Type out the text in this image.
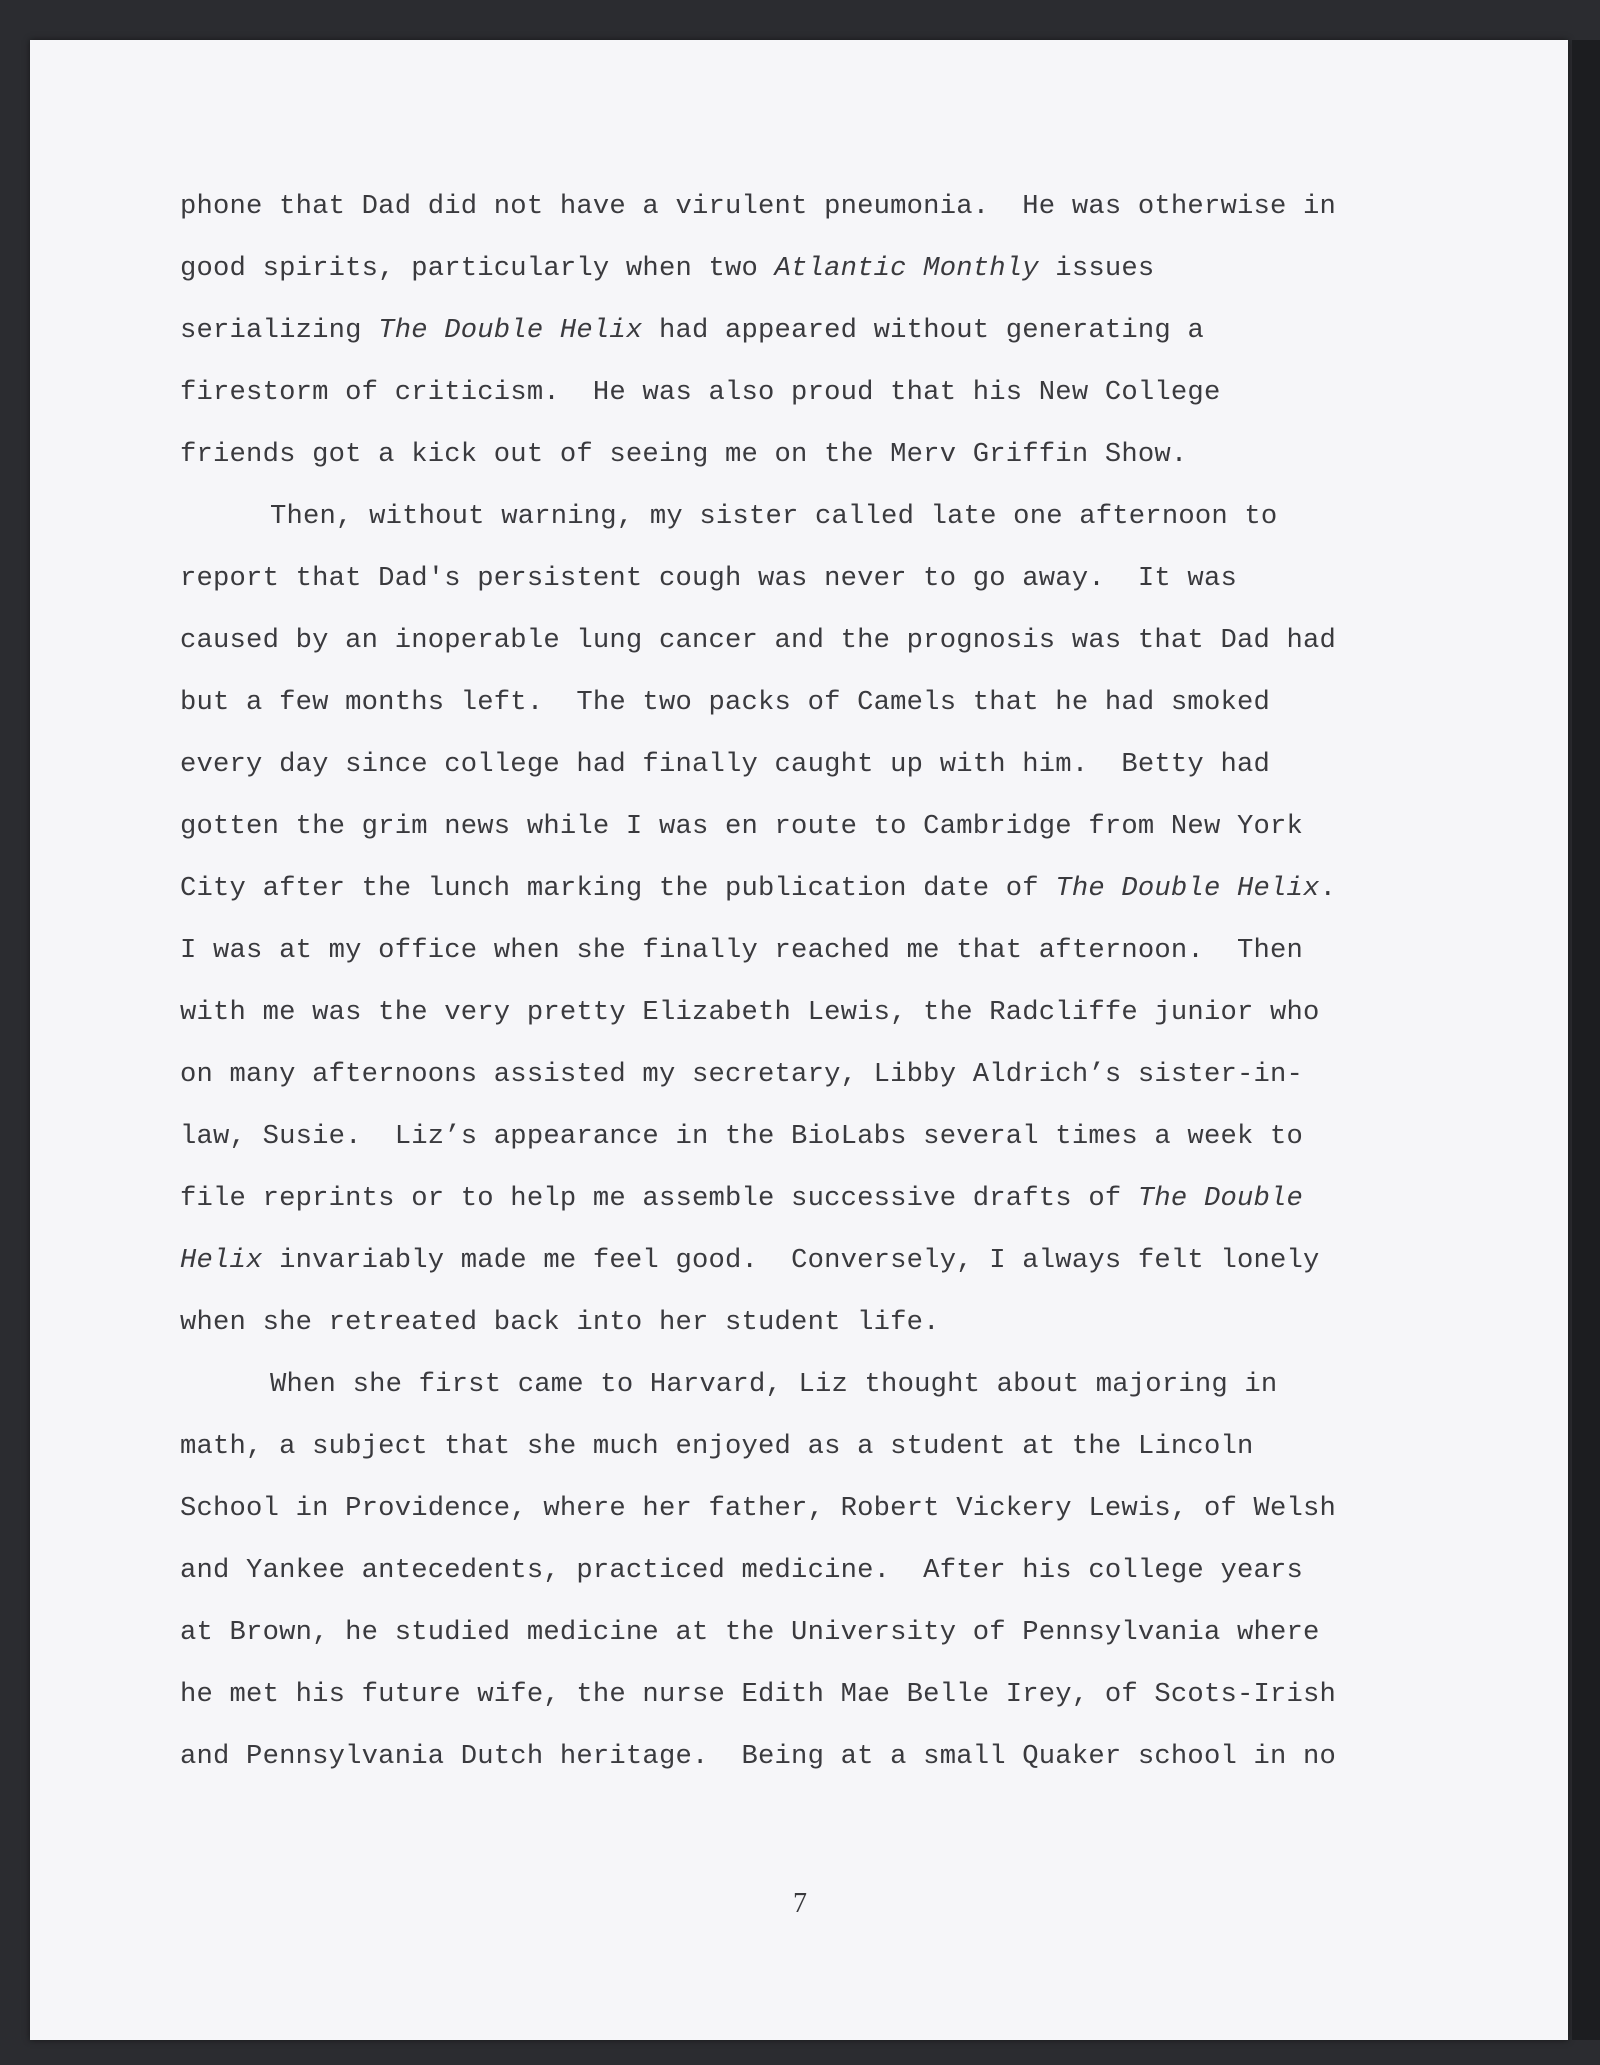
phone that Dad did not have a virulent pneumonia.  He was otherwise in
good spirits, particularly when two Atlantic Monthly issues
serializing The Double Helix had appeared without generating a
firestorm of criticism.  He was also proud that his New College
friends got a kick out of seeing me on the Merv Griffin Show.
Then, without warning, my sister called late one afternoon to
report that Dad's persistent cough was never to go away.  It was
caused by an inoperable lung cancer and the prognosis was that Dad had
but a few months left.  The two packs of Camels that he had smoked
every day since college had finally caught up with him.  Betty had
gotten the grim news while I was en route to Cambridge from New York
City after the lunch marking the publication date of The Double Helix.
I was at my office when she finally reached me that afternoon.  Then
with me was the very pretty Elizabeth Lewis, the Radcliffe junior who
on many afternoons assisted my secretary, Libby Aldrich’s sister-in-
law, Susie.  Liz’s appearance in the BioLabs several times a week to
file reprints or to help me assemble successive drafts of The Double
Helix invariably made me feel good.  Conversely, I always felt lonely
when she retreated back into her student life.
When she first came to Harvard, Liz thought about majoring in
math, a subject that she much enjoyed as a student at the Lincoln
School in Providence, where her father, Robert Vickery Lewis, of Welsh
and Yankee antecedents, practiced medicine.  After his college years
at Brown, he studied medicine at the University of Pennsylvania where
he met his future wife, the nurse Edith Mae Belle Irey, of Scots-Irish
and Pennsylvania Dutch heritage.  Being at a small Quaker school in no
7
